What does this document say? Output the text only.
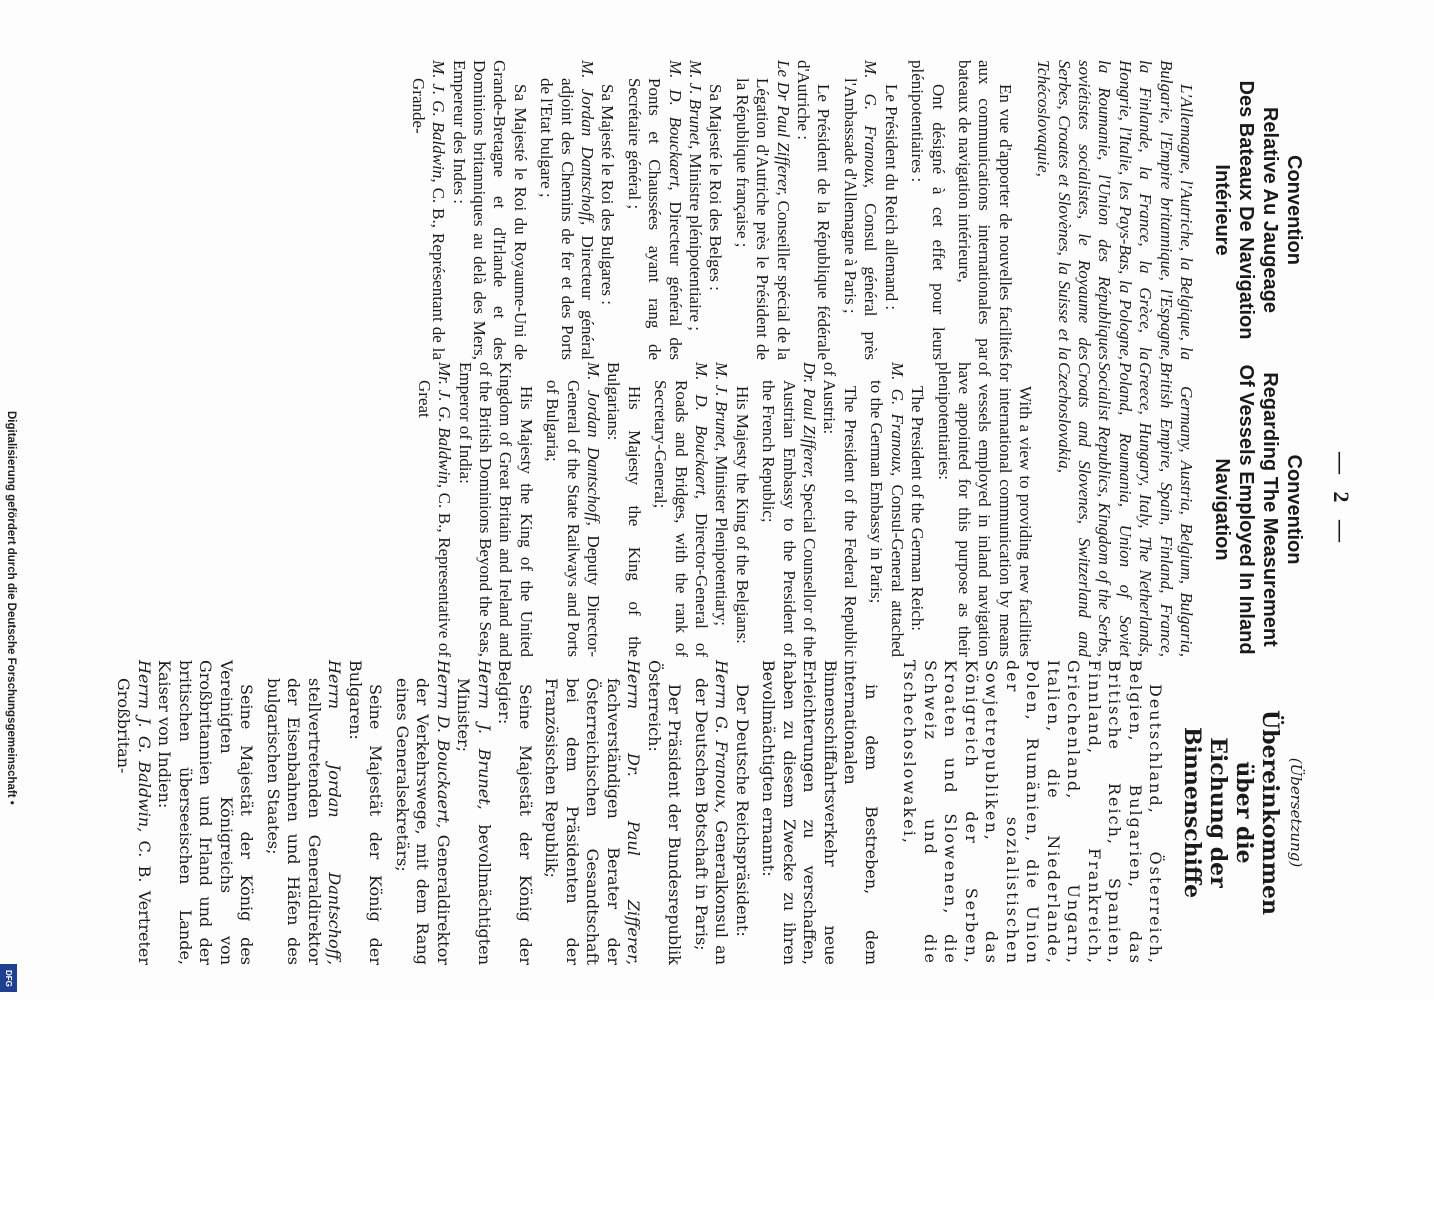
— 2 —
Convention
Relative Au Jaugeage
Des Bateaux De Navigation
Intérieure

L'Allemagne, l'Autriche, la Belgique, la Bulgarie, l'Empire britannique, l'Espagne, la Finlande, la France, la Grèce, la Hongrie, l'Italie, les Pays-Bas, la Pologne, la Roumanie, l'Union des Républiques soviétistes socialistes, le Royaume des Serbes, Croates et Slovènes, la Suisse et la Tchécoslovaquie,

En vue d'apporter de nouvelles facilités aux communications internationales par bateaux de navigation intérieure,

Ont désigné à cet effet pour leurs plénipotentiaires :

Le Président du Reich allemand :
M. G. Franoux, Consul général près l'Ambassade d'Allemagne à Paris ;
Le Président de la République fédérale d'Autriche :
Le Dr Paul Zifferer, Conseiller spécial de la Légation d'Autriche près le Président de la République française ;
Sa Majesté le Roi des Belges :
M. J. Brunet, Ministre plénipotentiaire ;
M. D. Bouckaert, Directeur général des Ponts et Chaussées ayant rang de Secrétaire général ;
Sa Majesté le Roi des Bulgares :
M. Jordan Dantschoff, Directeur général adjoint des Chemins de fer et des Ports de l'Etat bulgare ;
Sa Majesté le Roi du Royaume-Uni de Grande-Bretagne et d'Irlande et des Dominions britanniques au delà des Mers, Empereur des Indes :
M. J. G. Baldwin, C. B., Représentant de la Grande-
Convention
Regarding The Measurement
Of Vessels Employed In Inland
Navigation

Germany, Austria, Belgium, Bulgaria, British Empire, Spain, Finland, France, Greece, Hungary, Italy, The Netherlands, Poland, Roumania, Union of Soviet Socialist Republics, Kingdom of the Serbs, Croats and Slovenes, Switzerland and Czechoslovakia,

With a view to providing new facilities for international communication by means of vessels employed in inland navigation have appointed for this purpose as their plenipotentiaries:

The President of the German Reich:
M. G. Franoux, Consul-General attached to the German Embassy in Paris;
The President of the Federal Republic of Austria:
Dr. Paul Zifferer, Special Counsellor of the Austrian Embassy to the President of the French Republic;
His Majesty the King of the Belgians:
M. J. Brunet, Minister Plenipotentiary;
M. D. Bouckaert, Director-General of Roads and Bridges, with the rank of Secretary-General;
His Majesty the King of the Bulgarians:
M. Jordan Dantschoff, Deputy Director-General of the State Railways and Ports of Bulgaria;
His Majesty the King of the United Kingdom of Great Britain and Ireland and of the British Dominions Beyond the Seas, Emperor of India:
Mr. J. G. Baldwin, C. B., Representative of Great
(Übersetzung)
Übereinkommen
über die
Eichung der Binnenschiffe

Deutschland, Österreich, Belgien, Bulgarien, das Britische Reich, Spanien, Finnland, Frankreich, Griechenland, Ungarn, Italien, die Niederlande, Polen, Rumänien, die Union der sozialistischen Sowjetrepubliken, das Königreich der Serben, Kroaten und Slowenen, die Schweiz und die Tschechoslowakei,

in dem Bestreben, dem internationalen Binnenschiffahrtsverkehr neue Erleichterungen zu verschaffen, haben zu diesem Zwecke zu ihren Bevollmächtigten ernannt:

Der Deutsche Reichspräsident:
Herrn G. Franoux, Generalkonsul an der Deutschen Botschaft in Paris;
Der Präsident der Bundesrepublik Österreich:
Herrn Dr. Paul Zifferer, fachverständigen Berater der Österreichischen Gesandtschaft bei dem Präsidenten der Französischen Republik;
Seine Majestät der König der Belgier:
Herrn J. Brunet, bevollmächtigten Minister;
Herrn D. Bouckaert, Generaldirektor der Verkehrswege, mit dem Rang eines Generalsekretärs;
Seine Majestät der König der Bulgaren:
Herrn Jordan Dantschoff, stellvertretenden Generaldirektor der Eisenbahnen und Häfen des bulgarischen Staates;
Seine Majestät der König des Vereinigten Königreichs von Großbritannien und Irland und der britischen überseeischen Lande, Kaiser von Indien:
Herrn J. G. Baldwin, C. B. Vertreter Großbritan-
Digitalisierung gefördert durch die Deutsche Forschungsgemeinschaft •
DFG
